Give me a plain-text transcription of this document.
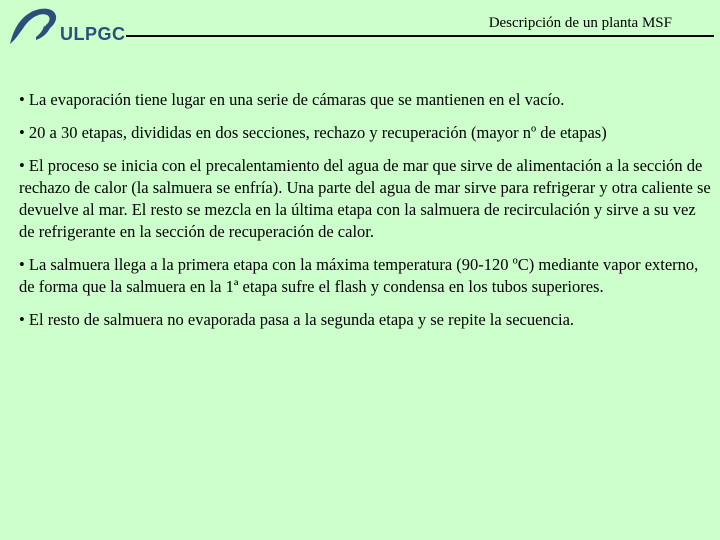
ULPGC
Descripción de un planta MSF

• La evaporación tiene lugar en una serie de cámaras que se mantienen en el vacío.

• 20 a 30 etapas, divididas en dos secciones, rechazo y recuperación (mayor nº de etapas)

• El proceso se inicia con el precalentamiento del agua de mar que sirve de alimentación a la sección de rechazo de calor (la salmuera se enfría). Una parte del agua de mar sirve para refrigerar y otra caliente se devuelve al mar. El resto se mezcla en la última etapa con la salmuera de recirculación y sirve a su vez de refrigerante en la sección de recuperación de calor.

• La salmuera llega a la primera etapa con la máxima temperatura (90-120 ºC) mediante vapor externo, de forma que la salmuera en la 1ª etapa sufre el flash y condensa en los tubos superiores.

• El resto de salmuera no evaporada pasa a la segunda etapa y se repite la secuencia.
